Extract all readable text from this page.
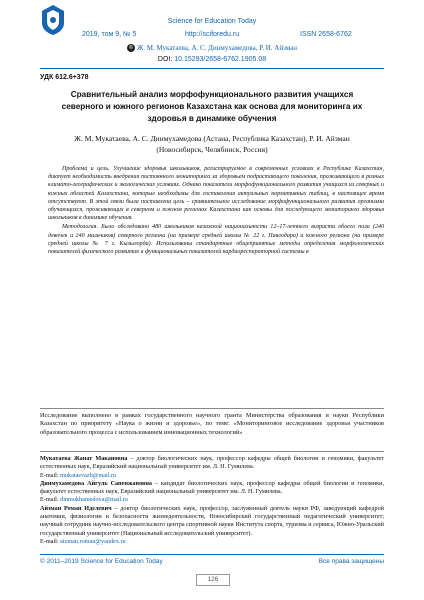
Science for Education Today
2019, том 9, № 5	http://sciforedu.ru	ISSN 2658-6762
© Ж. М. Мукатаева, А. С. Динмухамедова, Р. И. Айзман
DOI: 10.15293/2658-6762.1905.08
УДК 612.6+378
Сравнительный анализ морфофункционального развития учащихся северного и южного регионов Казахстана как основа для мониторинга их здоровья в динамике обучения
Ж. М. Мукатаева, А. С. Динмухамедова (Астана, Республика Казахстан), Р. И. Айзман (Новосибирск, Челябинск, Россия)

Проблема и цель. Улучшение здоровья школьников, регистрируемое в современных условиях в Республике Казахстан, диктует необходимость внедрения постоянного мониторинга за здоровьем подрастающего поколения, проживающего в разных климато-географических и экологических условиях. Однако показатели морфофункционального развития учащихся из северных и южных областей Казахстана, которые необходимы для составления актуальных нормативных таблиц, в настоящее время отсутствуют. В этой связи была поставлена цель – сравнительное исследование морфофункционального развития организма обучающихся, проживающих в северном и южном регионах Казахстана как основы для последующего мониторинга здоровья школьников в динамике обучения.

Методология. Было обследовано 480 школьников казахской национальности 12–17-летнего возраста обоего пола (240 девочек и 240 мальчиков) северного региона (на примере средней школы № 22 г. Павлодара) и южного региона (на примере средней школы № 7 г. Кызылорда). Использованы стандартные общепринятые методы определения морфологических показателей физического развития и функциональных показателей кардиореспираторной системы в

Исследование выполнено в рамках государственного научного гранта Министерства образования и науки Республики Казахстан по приоритету «Наука о жизни и здоровье», по теме: «Мониторинговое исследование здоровья участников образовательного процесса с использованием инновационных технологий»

Мукатаева Жанат Макановна – доктор биологических наук, профессор кафедры общей биологии и геномики, факультет естественных наук, Евразийский национальный университет им. Л. Н. Гумилева.

E-mail: mukataevazh@mail.ru

Динмухамедова Айгуль Сапенжановна – кандидат биологических наук, профессор кафедры общей биологии и геномики, факультет естественных наук, Евразийский национальный университет им. Л. Н. Гумилева.

E-mail: dinmukhamedova@mail.ru

Айзман Роман Иделевич – доктор биологических наук, профессор, заслуженный деятель науки РФ, заведующий кафедрой анатомии, физиологии и безопасности жизнедеятельности, Новосибирский государственный педагогический университет; научный сотрудник научно-исследовательского центра спортивной науки Института спорта, туризма и сервиса, Южно-Уральский государственный университет (Национальный исследовательский университет).

E-mail: aizman.roman@yandex.ru

© 2011–2019 Science for Education Today	Все права защищены
126
